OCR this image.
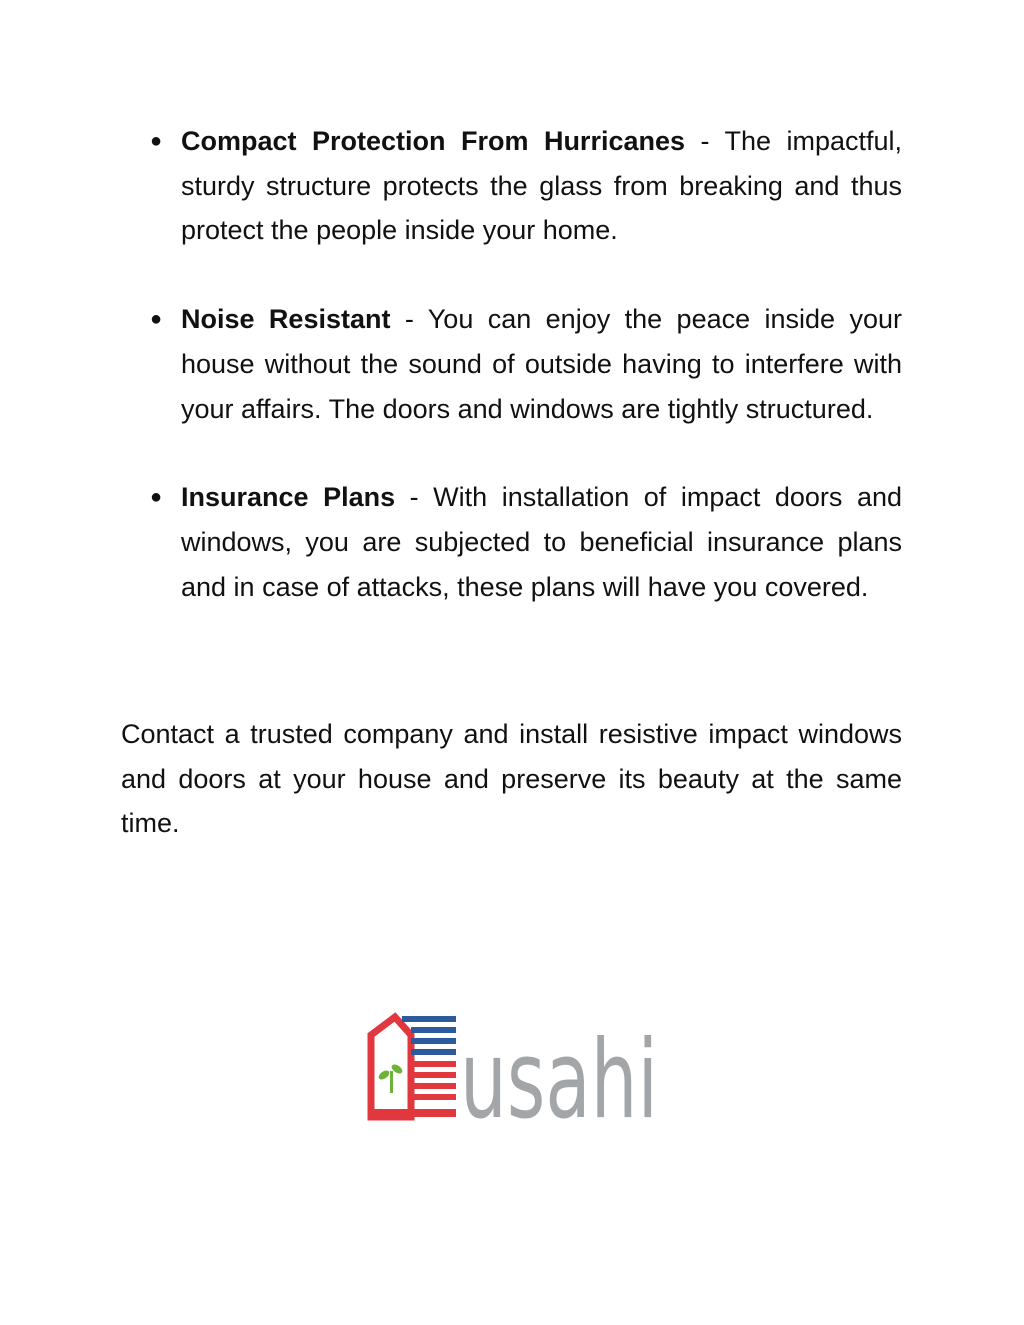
● Compact Protection From Hurricanes - The impactful, sturdy structure protects the glass from breaking and thus protect the people inside your home.
● Noise Resistant - You can enjoy the peace inside your house without the sound of outside having to interfere with your affairs. The doors and windows are tightly structured.
● Insurance Plans - With installation of impact doors and windows, you are subjected to beneficial insurance plans and in case of attacks, these plans will have you covered.

Contact a trusted company and install resistive impact windows and doors at your house and preserve its beauty at the same time.

usahi
